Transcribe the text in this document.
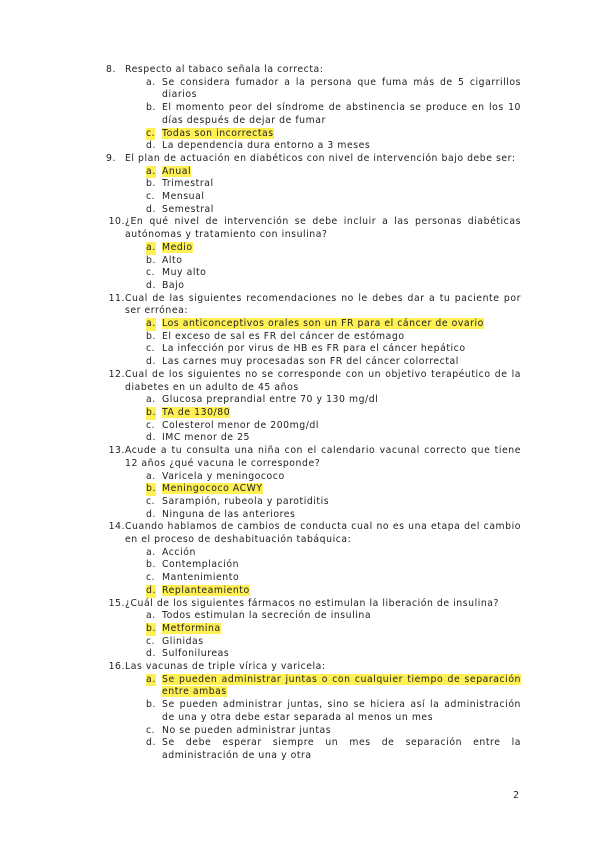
8. Respecto al tabaco señala la correcta:
a. Se considera fumador a la persona que fuma más de 5 cigarrillos diarios
b. El momento peor del síndrome de abstinencia se produce en los 10 días después de dejar de fumar
c. Todas son incorrectas
d. La dependencia dura entorno a 3 meses
9. El plan de actuación en diabéticos con nivel de intervención bajo debe ser:
a. Anual
b. Trimestral
c. Mensual
d. Semestral
10. ¿En qué nivel de intervención se debe incluir a las personas diabéticas autónomas y tratamiento con insulina?
a. Medio
b. Alto
c. Muy alto
d. Bajo
11. Cual de las siguientes recomendaciones no le debes dar a tu paciente por ser errónea:
a. Los anticonceptivos orales son un FR para el cáncer de ovario
b. El exceso de sal es FR del cáncer de estómago
c. La infección por virus de HB es FR para el cáncer hepático
d. Las carnes muy procesadas son FR del cáncer colorrectal
12. Cual de los siguientes no se corresponde con un objetivo terapéutico de la diabetes en un adulto de 45 años
a. Glucosa preprandial entre 70 y 130 mg/dl
b. TA de 130/80
c. Colesterol menor de 200mg/dl
d. IMC menor de 25
13. Acude a tu consulta una niña con el calendario vacunal correcto que tiene 12 años ¿qué vacuna le corresponde?
a. Varicela y meningococo
b. Meningococo ACWY
c. Sarampión, rubeola y parotiditis
d. Ninguna de las anteriores
14. Cuando hablamos de cambios de conducta cual no es una etapa del cambio en el proceso de deshabituación tabáquica:
a. Acción
b. Contemplación
c. Mantenimiento
d. Replanteamiento
15. ¿Cuál de los siguientes fármacos no estimulan la liberación de insulina?
a. Todos estimulan la secreción de insulina
b. Metformina
c. Glinidas
d. Sulfonilureas
16. Las vacunas de triple vírica y varicela:
a. Se pueden administrar juntas o con cualquier tiempo de separación entre ambas
b. Se pueden administrar juntas, sino se hiciera así la administración de una y otra debe estar separada al menos un mes
c. No se pueden administrar juntas
d. Se debe esperar siempre un mes de separación entre la administración de una y otra
2
